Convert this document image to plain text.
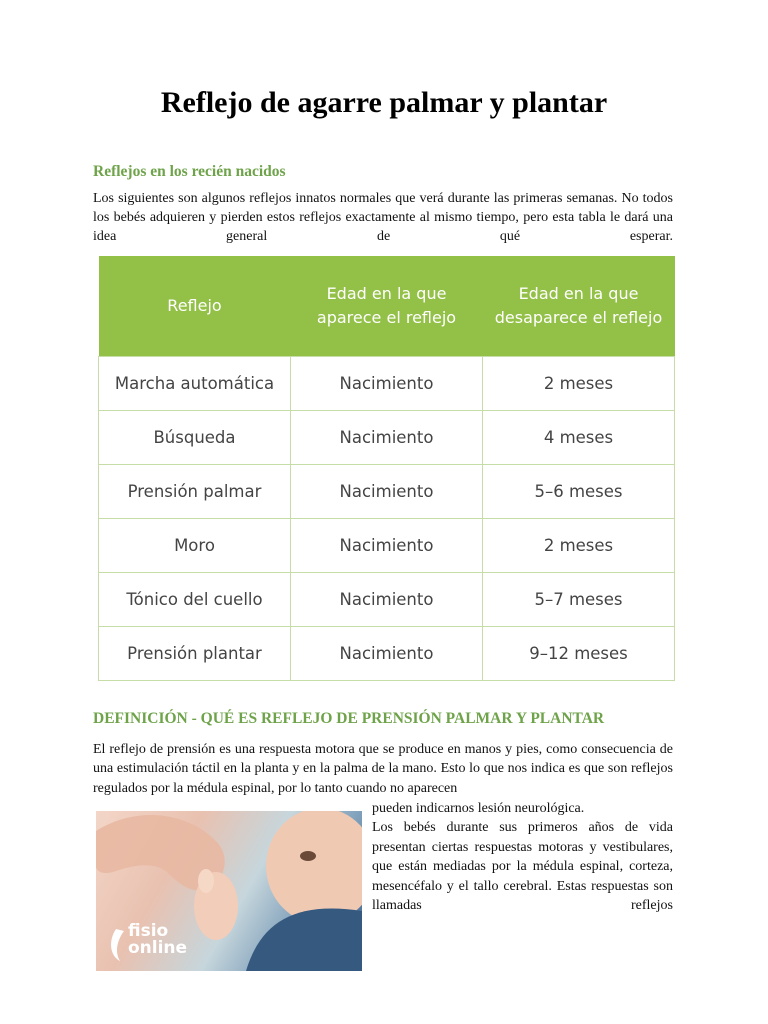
Reflejo de agarre palmar y plantar
Reflejos en los recién nacidos

Los siguientes son algunos reflejos innatos normales que verá durante las primeras semanas. No todos los bebés adquieren y pierden estos reflejos exactamente al mismo tiempo, pero esta tabla le dará una idea general de qué esperar.

Reflejo	Edad en la que aparece el reflejo	Edad en la que desaparece el reflejo
Marcha automática	Nacimiento	2 meses
Búsqueda	Nacimiento	4 meses
Prensión palmar	Nacimiento	5–6 meses
Moro	Nacimiento	2 meses
Tónico del cuello	Nacimiento	5–7 meses
Prensión plantar	Nacimiento	9–12 meses
DEFINICIÓN - QUÉ ES REFLEJO DE PRENSIÓN PALMAR Y PLANTAR

El reflejo de prensión es una respuesta motora que se produce en manos y pies, como consecuencia de una estimulación táctil en la planta y en la palma de la mano. Esto lo que nos indica es que son reflejos regulados por la médula espinal, por lo tanto cuando no aparecen

pueden indicarnos lesión neurológica.
Los bebés durante sus primeros años de vida presentan ciertas respuestas motoras y vestibulares, que están mediadas por la médula espinal, corteza, mesencéfalo y el tallo cerebral. Estas respuestas son llamadas reflejos
fisio
online
